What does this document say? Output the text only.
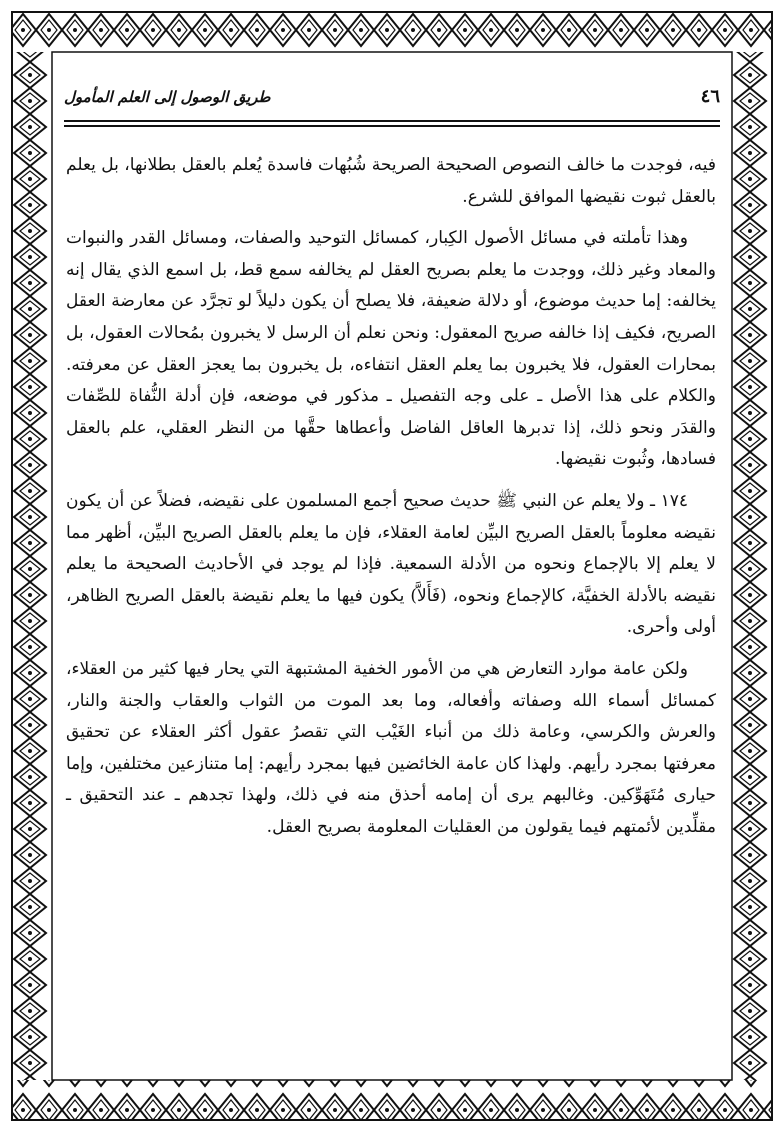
٤٦
طريق الوصول إلى العلم المأمول

فيه، فوجدت ما خالف النصوص الصحيحة الصريحة شُبُهات فاسدة يُعلم بالعقل بطلانها، بل يعلم بالعقل ثبوت نقيضها الموافق للشرع.

وهذا تأملته في مسائل الأصول الكِبار، كمسائل التوحيد والصفات، ومسائل القدر والنبوات والمعاد وغير ذلك، ووجدت ما يعلم بصريح العقل لم يخالفه سمع قط، بل اسمع الذي يقال إنه يخالفه: إما حديث موضوع، أو دلالة ضعيفة، فلا يصلح أن يكون دليلاً لو تجرَّد عن معارضة العقل الصريح، فكيف إذا خالفه صريح المعقول: ونحن نعلم أن الرسل لا يخبرون بمُحالات العقول، بل بمحارات العقول، فلا يخبرون بما يعلم العقل انتفاءه، بل يخبرون بما يعجز العقل عن معرفته. والكلام على هذا الأصل ـ على وجه التفصيل ـ مذكور في موضعه، فإن أدلة النُّفاة للصِّفات والقدَر ونحو ذلك، إذا تدبرها العاقل الفاضل وأعطاها حقَّها من النظر العقلي، علم بالعقل فسادها، وثُبوت نقيضها.

١٧٤ ـ ولا يعلم عن النبي ﷺ حديث صحيح أجمع المسلمون على نقيضه، فضلاً عن أن يكون نقيضه معلوماً بالعقل الصريح البيِّن لعامة العقلاء، فإن ما يعلم بالعقل الصريح البيِّن، أظهر مما لا يعلم إلا بالإجماع ونحوه من الأدلة السمعية. فإذا لم يوجد في الأحاديث الصحيحة ما يعلم نقيضه بالأدلة الخفيَّة، كالإجماع ونحوه، (فَأَلاَّ) يكون فيها ما يعلم نقيضة بالعقل الصريح الظاهر، أولى وأحرى.

ولكن عامة موارد التعارض هي من الأمور الخفية المشتبهة التي يحار فيها كثير من العقلاء، كمسائل أسماء الله وصفاته وأفعاله، وما بعد الموت من الثواب والعقاب والجنة والنار، والعرش والكرسي، وعامة ذلك من أنباء الغَيْب التي تقصرُ عقول أكثر العقلاء عن تحقيق معرفتها بمجرد رأيهم. ولهذا كان عامة الخائضين فيها بمجرد رأيهم: إما متنازعين مختلفين، وإما حيارى مُتَهَوِّكين. وغالبهم يرى أن إمامه أحذق منه في ذلك، ولهذا تجدهم ـ عند التحقيق ـ مقلِّدين لأئمتهم فيما يقولون من العقليات المعلومة بصريح العقل.
